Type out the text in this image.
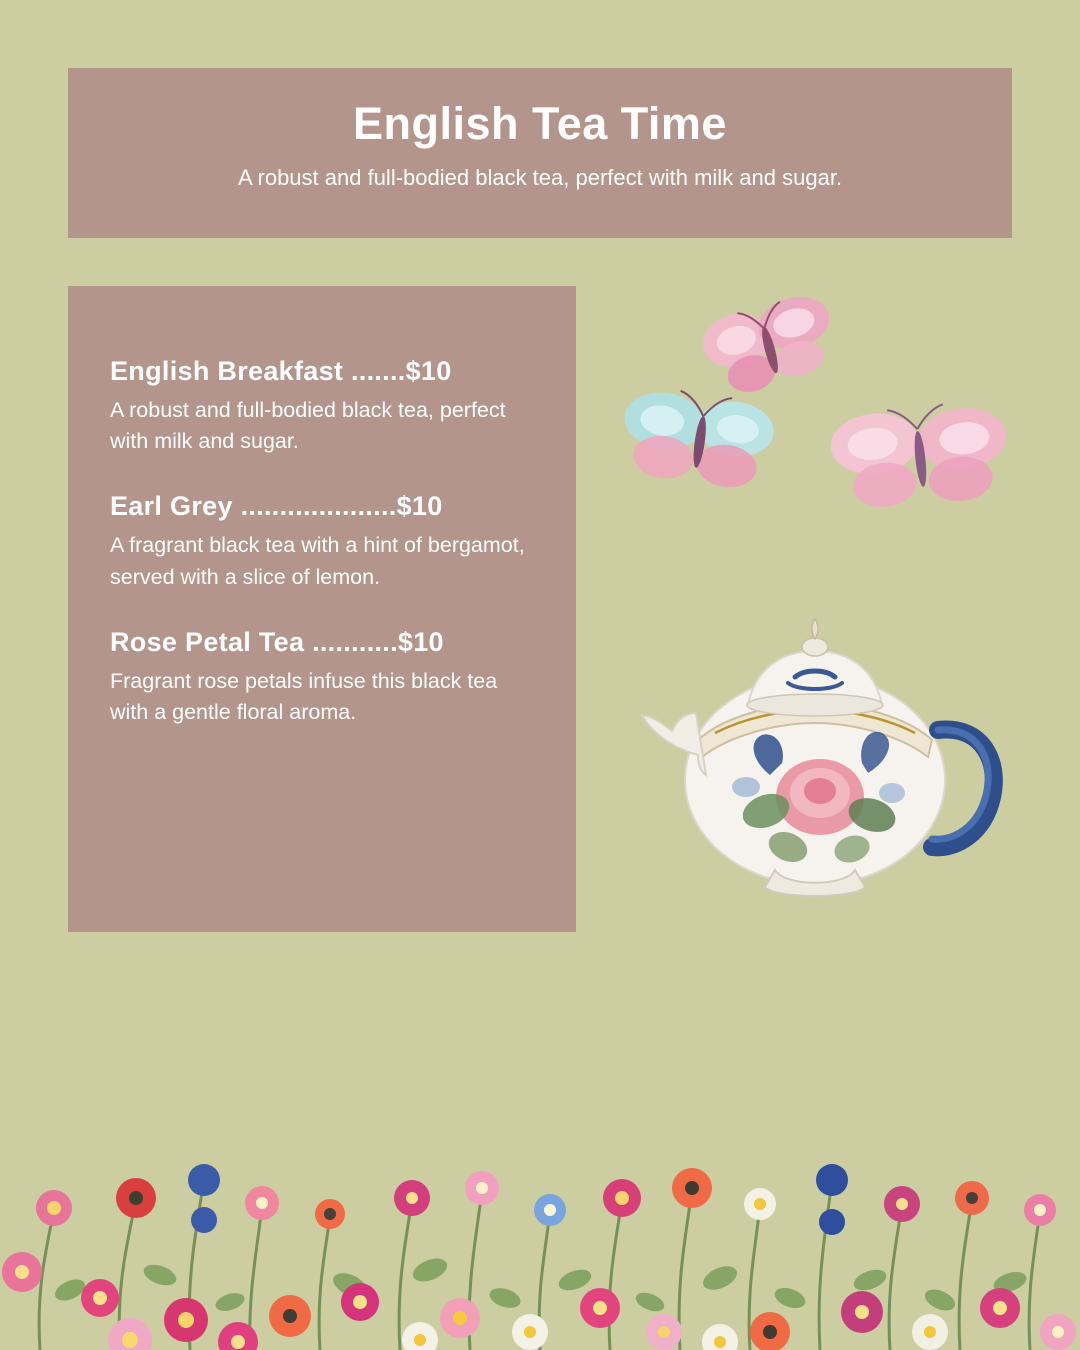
English Tea Time
A robust and full-bodied black tea, perfect with milk and sugar.
English Breakfast .......$10
A robust and full-bodied black tea, perfect with milk and sugar.
Earl Grey ....................$10
A fragrant black tea with a hint of bergamot, served with a slice of lemon.
Rose Petal Tea ...........$10
Fragrant rose petals infuse this black tea with a gentle floral aroma.
